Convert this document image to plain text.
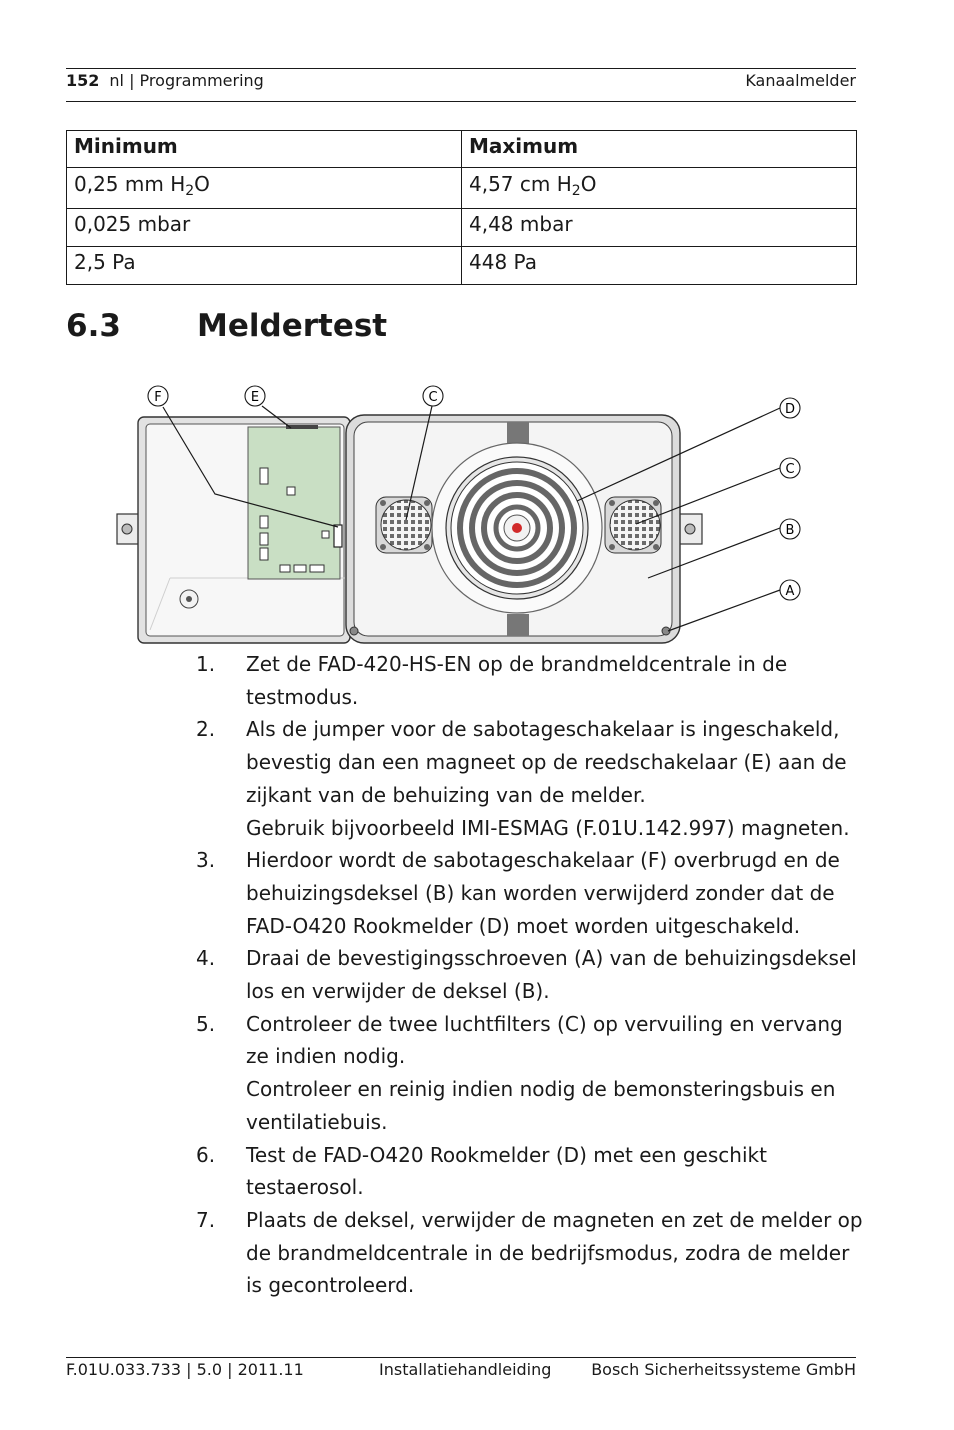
152 nl | Programmering	Kanaalmelder
Minimum	Maximum
0,25 mm $H_2O$	4,57 cm $H_2O$
0,025 mbar	4,48 mbar
2,5 Pa	448 Pa
6.3 Meldertest
F	E	C
D
C
B
A
1. Zet de FAD-420-HS-EN op de brandmeldcentrale in de testmodus.
2. Als de jumper voor de sabotageschakelaar is ingeschakeld, bevestig dan een magneet op de reedschakelaar (E) aan de zijkant van de behuizing van de melder.
Gebruik bijvoorbeeld IMI-ESMAG (F.01U.142.997) magneten.
3. Hierdoor wordt de sabotageschakelaar (F) overbrugd en de behuizingsdeksel (B) kan worden verwijderd zonder dat de FAD-O420 Rookmelder (D) moet worden uitgeschakeld.
4. Draai de bevestigingsschroeven (A) van de behuizingsdeksel los en verwijder de deksel (B).
5. Controleer de twee luchtfilters (C) op vervuiling en vervang ze indien nodig.
Controleer en reinig indien nodig de bemonsteringsbuis en ventilatiebuis.
6. Test de FAD-O420 Rookmelder (D) met een geschikt testaerosol.
7. Plaats de deksel, verwijder de magneten en zet de melder op de brandmeldcentrale in de bedrijfsmodus, zodra de melder is gecontroleerd.
F.01U.033.733 | 5.0 | 2011.11	Installatiehandleiding Bosch Sicherheitssysteme GmbH
